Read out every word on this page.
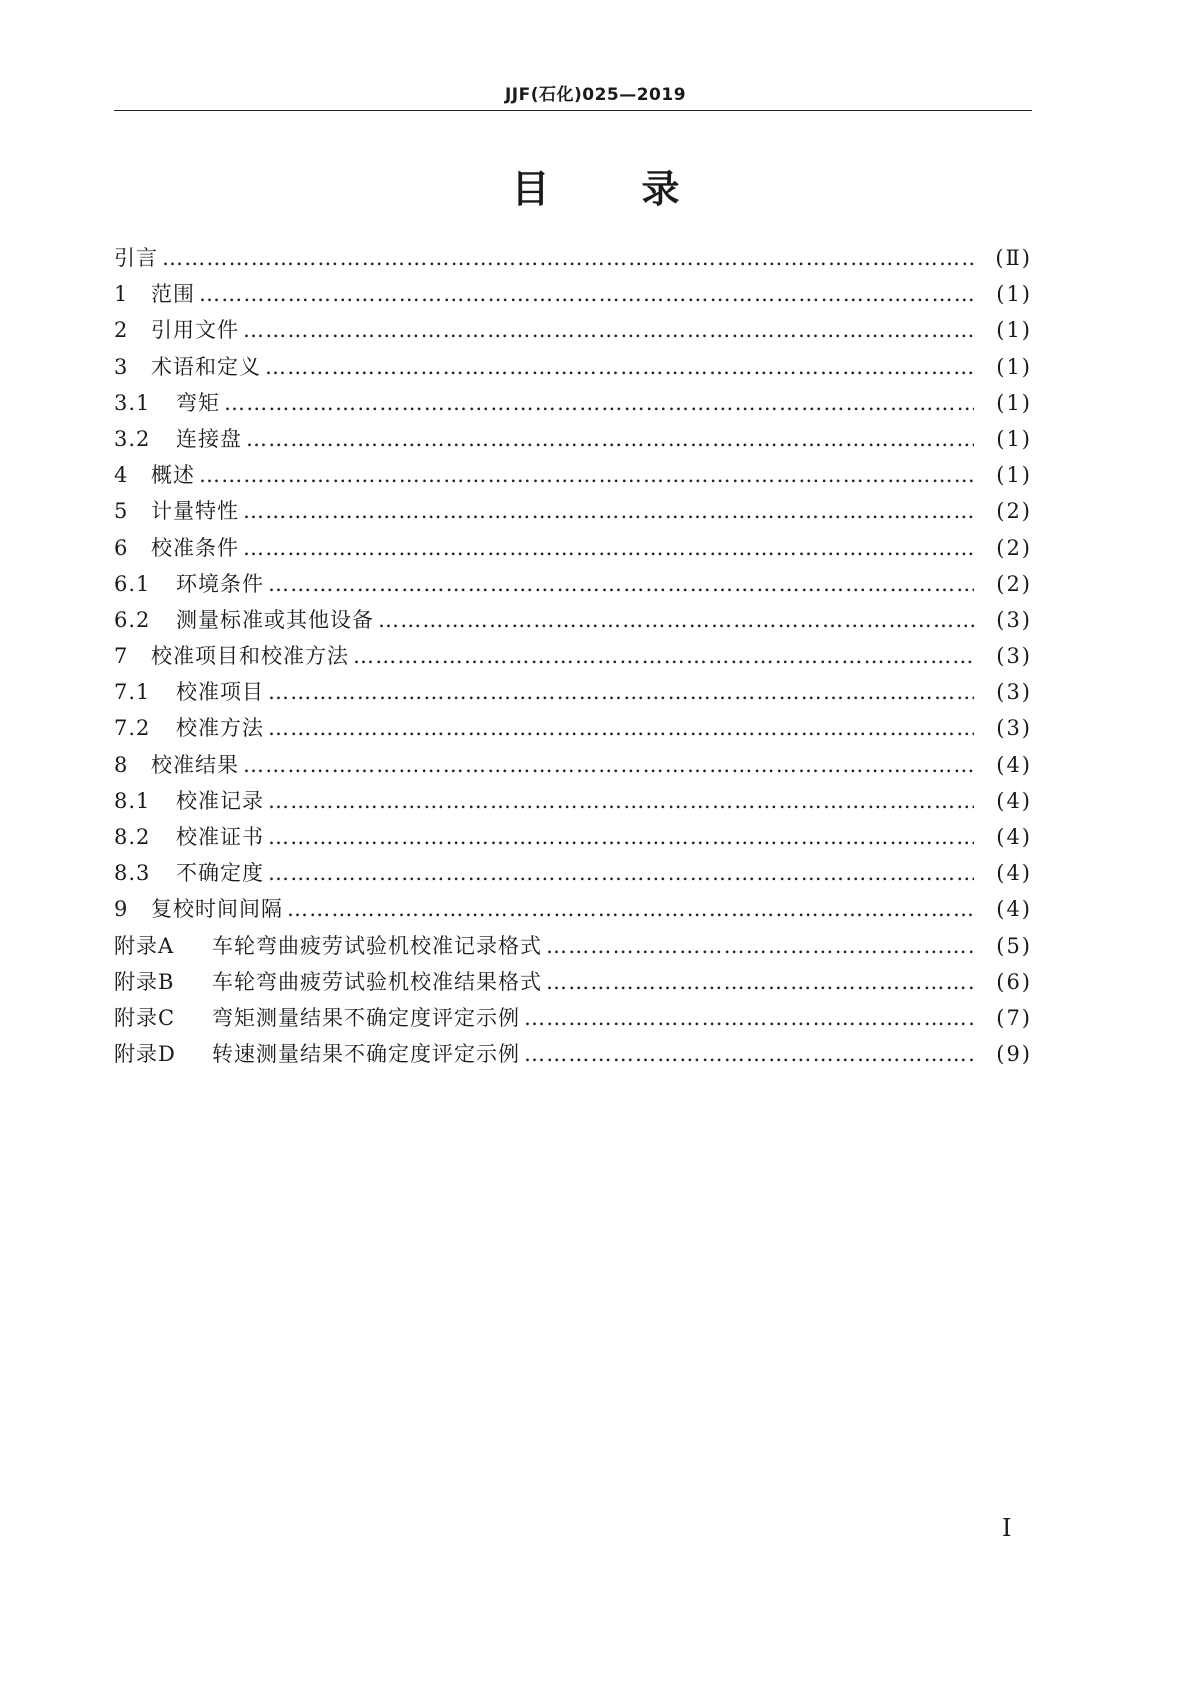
JJF(石化)025—2019
目 录
引言 …………………………………………………………………………………………………………………………………………………………………………	(Ⅱ)
1	范围 …………………………………………………………………………………………………………………………………………………………………………	(1)
2	引用文件 …………………………………………………………………………………………………………………………………………………………………………	(1)
3	术语和定义 …………………………………………………………………………………………………………………………………………………………………………	(1)
3.1	弯矩 …………………………………………………………………………………………………………………………………………………………………………	(1)
3.2	连接盘 …………………………………………………………………………………………………………………………………………………………………………	(1)
4	概述 …………………………………………………………………………………………………………………………………………………………………………	(1)
5	计量特性 …………………………………………………………………………………………………………………………………………………………………………	(2)
6	校准条件 …………………………………………………………………………………………………………………………………………………………………………	(2)
6.1	环境条件 …………………………………………………………………………………………………………………………………………………………………………	(2)
6.2	测量标准或其他设备 …………………………………………………………………………………………………………………………………………………………………………	(3)
7	校准项目和校准方法 …………………………………………………………………………………………………………………………………………………………………………	(3)
7.1	校准项目 …………………………………………………………………………………………………………………………………………………………………………	(3)
7.2	校准方法 …………………………………………………………………………………………………………………………………………………………………………	(3)
8	校准结果 …………………………………………………………………………………………………………………………………………………………………………	(4)
8.1	校准记录 …………………………………………………………………………………………………………………………………………………………………………	(4)
8.2	校准证书 …………………………………………………………………………………………………………………………………………………………………………	(4)
8.3	不确定度 …………………………………………………………………………………………………………………………………………………………………………	(4)
9	复校时间间隔 …………………………………………………………………………………………………………………………………………………………………………	(4)
附录A	车轮弯曲疲劳试验机校准记录格式 …………………………………………………………………………………………………………………………………………………………………………	(5)
附录B	车轮弯曲疲劳试验机校准结果格式 …………………………………………………………………………………………………………………………………………………………………………	(6)
附录C	弯矩测量结果不确定度评定示例 …………………………………………………………………………………………………………………………………………………………………………	(7)
附录D	转速测量结果不确定度评定示例 …………………………………………………………………………………………………………………………………………………………………………	(9)
Ⅰ
